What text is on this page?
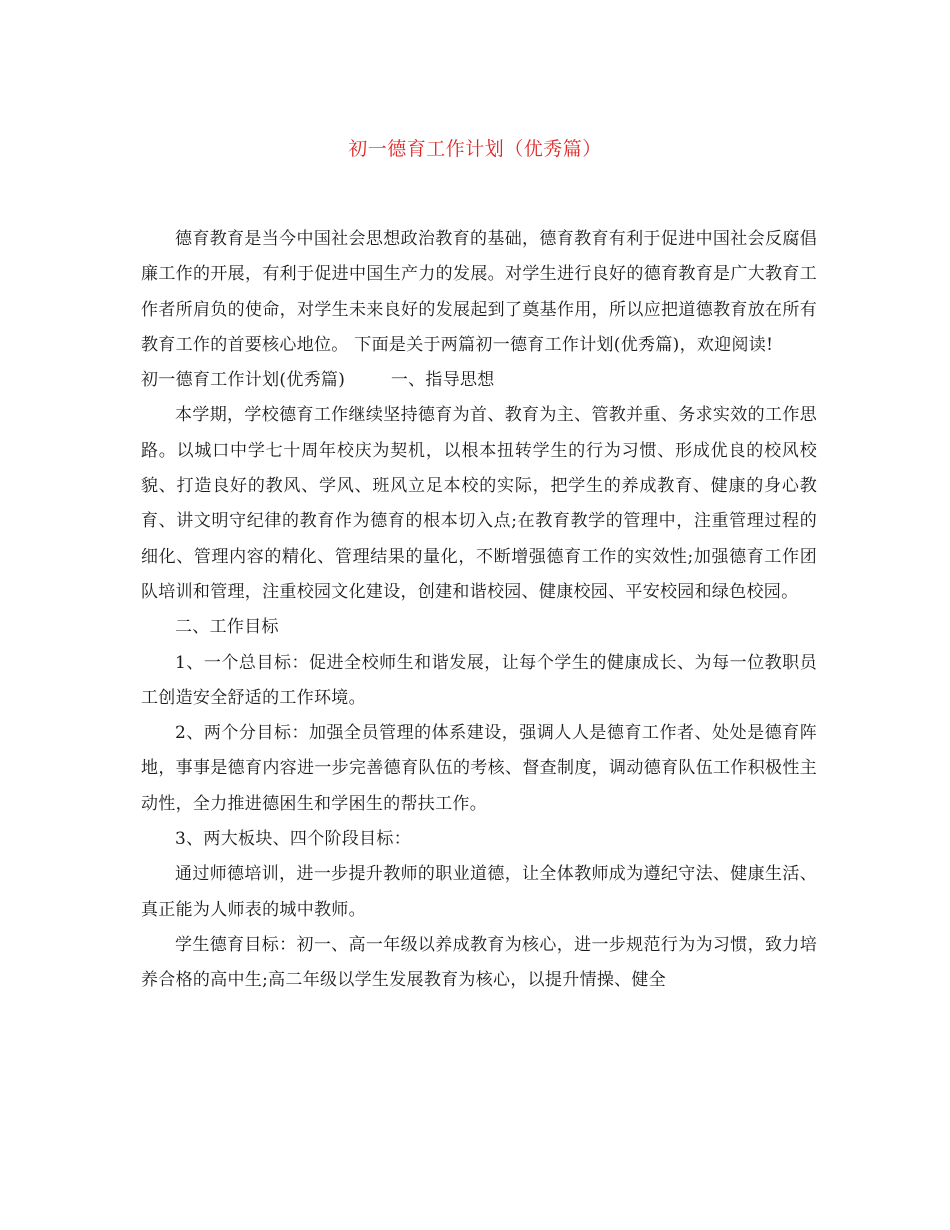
初一德育工作计划（优秀篇）

德育教育是当今中国社会思想政治教育的基础，德育教育有利于促进中国社会反腐倡廉工作的开展，有利于促进中国生产力的发展。对学生进行良好的德育教育是广大教育工作者所肩负的使命，对学生未来良好的发展起到了奠基作用，所以应把道德教育放在所有教育工作的首要核心地位。 下面是关于两篇初一德育工作计划(优秀篇)，欢迎阅读!

初一德育工作计划(优秀篇)	一、指导思想

本学期，学校德育工作继续坚持德育为首、教育为主、管教并重、务求实效的工作思路。以城口中学七十周年校庆为契机，以根本扭转学生的行为习惯、形成优良的校风校貌、打造良好的教风、学风、班风立足本校的实际，把学生的养成教育、健康的身心教育、讲文明守纪律的教育作为德育的根本切入点;在教育教学的管理中，注重管理过程的细化、管理内容的精化、管理结果的量化，不断增强德育工作的实效性;加强德育工作团队培训和管理，注重校园文化建设，创建和谐校园、健康校园、平安校园和绿色校园。

二、工作目标

1、一个总目标：促进全校师生和谐发展，让每个学生的健康成长、为每一位教职员工创造安全舒适的工作环境。

2、两个分目标：加强全员管理的体系建设，强调人人是德育工作者、处处是德育阵地，事事是德育内容进一步完善德育队伍的考核、督查制度，调动德育队伍工作积极性主动性，全力推进德困生和学困生的帮扶工作。

3、两大板块、四个阶段目标：

通过师德培训，进一步提升教师的职业道德，让全体教师成为遵纪守法、健康生活、真正能为人师表的城中教师。

学生德育目标：初一、高一年级以养成教育为核心，进一步规范行为为习惯，致力培养合格的高中生;高二年级以学生发展教育为核心，以提升情操、健全
